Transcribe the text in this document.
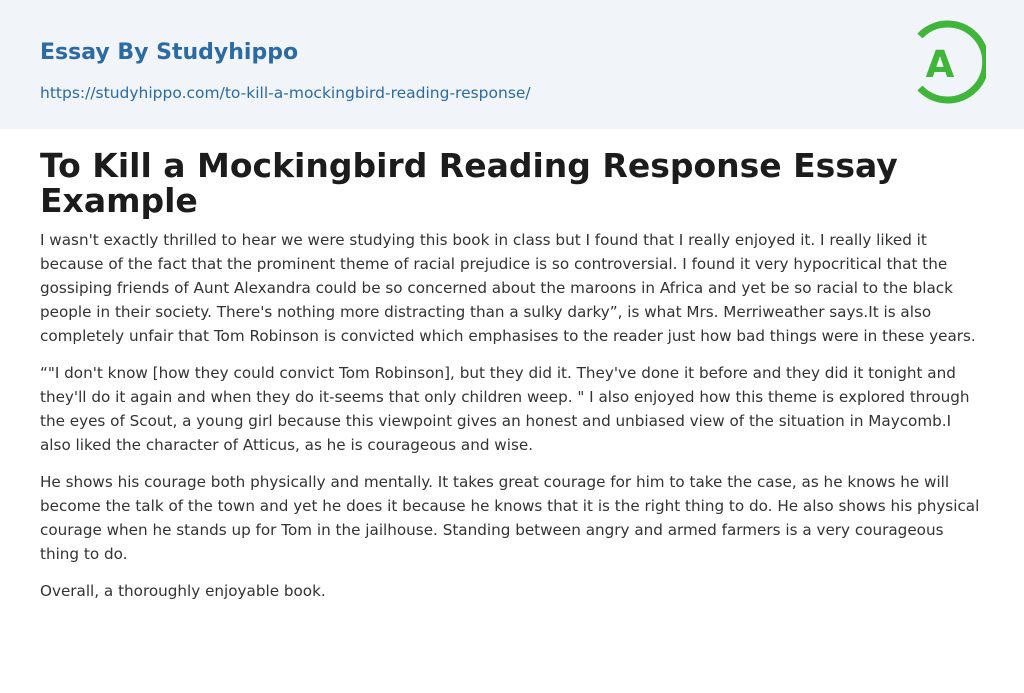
Essay By Studyhippo
https://studyhippo.com/to-kill-a-mockingbird-reading-response/
A
To Kill a Mockingbird Reading Response Essay Example

I wasn't exactly thrilled to hear we were studying this book in class but I found that I really enjoyed it. I really liked it because of the fact that the prominent theme of racial prejudice is so controversial. I found it very hypocritical that the gossiping friends of Aunt Alexandra could be so concerned about the maroons in Africa and yet be so racial to the black people in their society. There's nothing more distracting than a sulky darky”, is what Mrs. Merriweather says.It is also completely unfair that Tom Robinson is convicted which emphasises to the reader just how bad things were in these years.

“"I don't know [how they could convict Tom Robinson], but they did it. They've done it before and they did it tonight and they'll do it again and when they do it-seems that only children weep. " I also enjoyed how this theme is explored through the eyes of Scout, a young girl because this viewpoint gives an honest and unbiased view of the situation in Maycomb.I also liked the character of Atticus, as he is courageous and wise.

He shows his courage both physically and mentally. It takes great courage for him to take the case, as he knows he will become the talk of the town and yet he does it because he knows that it is the right thing to do. He also shows his physical courage when he stands up for Tom in the jailhouse. Standing between angry and armed farmers is a very courageous thing to do.

Overall, a thoroughly enjoyable book.
